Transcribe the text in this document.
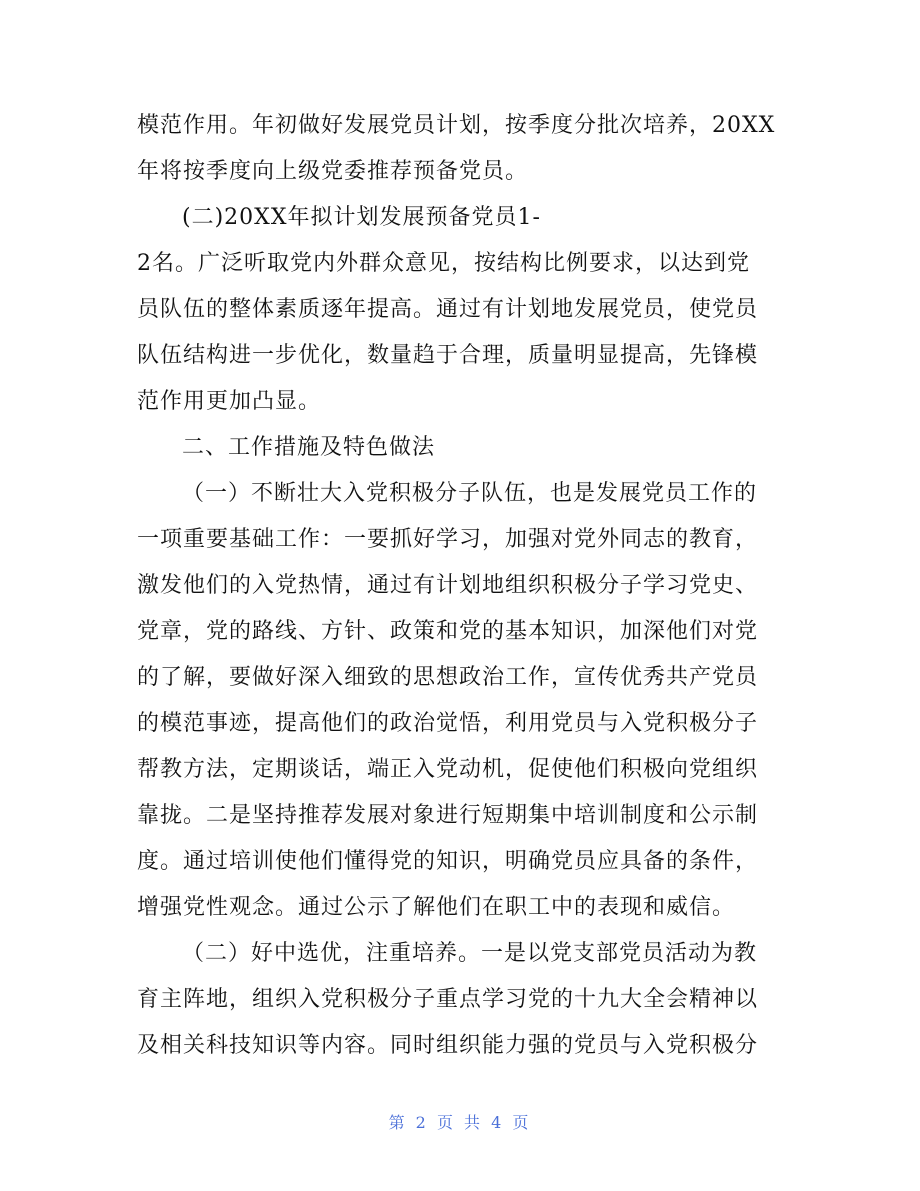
模范作用。年初做好发展党员计划，按季度分批次培养，20XX
年将按季度向上级党委推荐预备党员。
(二)20XX年拟计划发展预备党员1-
2名。广泛听取党内外群众意见，按结构比例要求，以达到党
员队伍的整体素质逐年提高。通过有计划地发展党员，使党员
队伍结构进一步优化，数量趋于合理，质量明显提高，先锋模
范作用更加凸显。
二、工作措施及特色做法
（一）不断壮大入党积极分子队伍，也是发展党员工作的
一项重要基础工作：一要抓好学习，加强对党外同志的教育，
激发他们的入党热情，通过有计划地组织积极分子学习党史、
党章，党的路线、方针、政策和党的基本知识，加深他们对党
的了解，要做好深入细致的思想政治工作，宣传优秀共产党员
的模范事迹，提高他们的政治觉悟，利用党员与入党积极分子
帮教方法，定期谈话，端正入党动机，促使他们积极向党组织
靠拢。二是坚持推荐发展对象进行短期集中培训制度和公示制
度。通过培训使他们懂得党的知识，明确党员应具备的条件，
增强党性观念。通过公示了解他们在职工中的表现和威信。
（二）好中选优，注重培养。一是以党支部党员活动为教
育主阵地，组织入党积极分子重点学习党的十九大全会精神以
及相关科技知识等内容。同时组织能力强的党员与入党积极分
第 2 页 共 4 页
